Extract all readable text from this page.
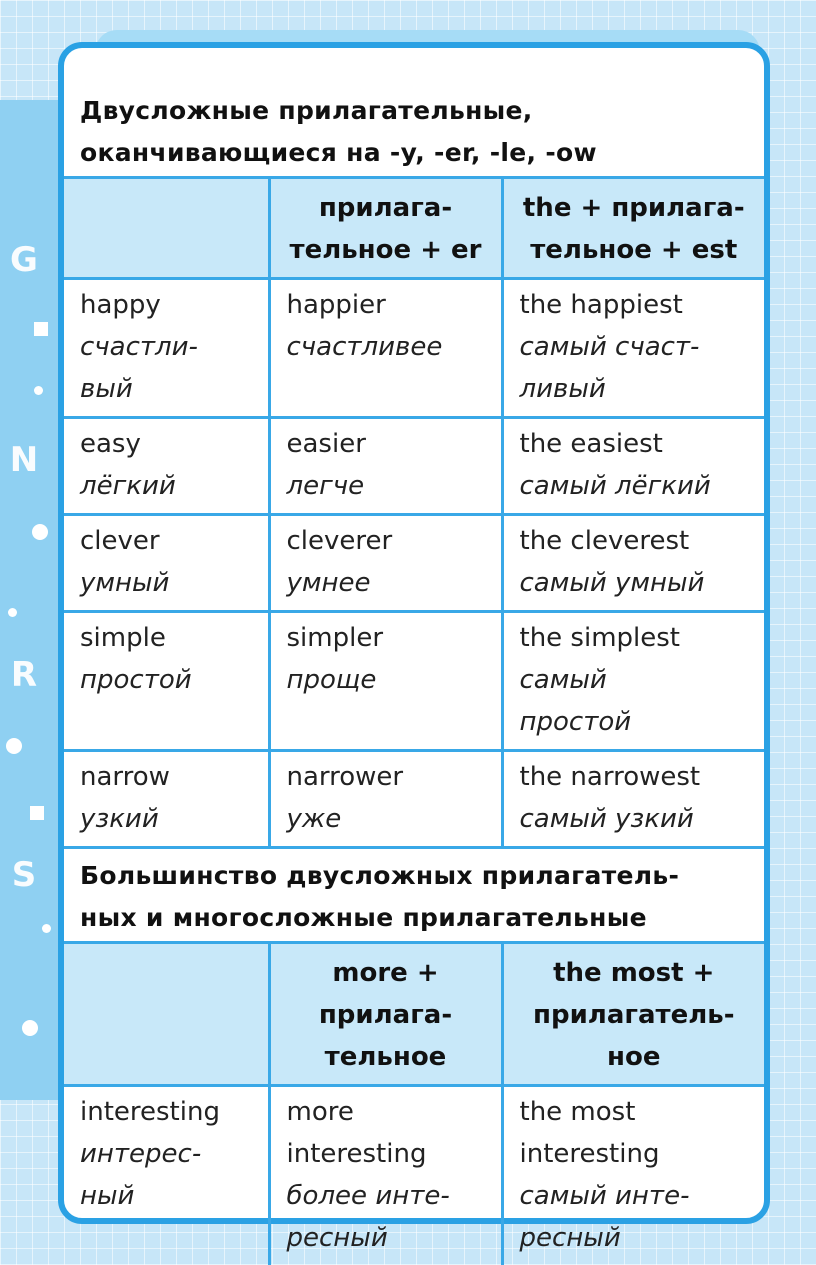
G
N
R
S
Двусложные прилагательные,
оканчивающиеся на -y, -er, -le, -ow		

	прилага-
тельное + er	the + прилага-
тельное + est

happy
счастли-
вый	happier
счастливее	the happiest
самый счаст-
ливый

easy
лёгкий	easier
легче	the easiest
самый лёгкий

clever
умный	cleverer
умнее	the cleverest
самый умный

simple
простой	simpler
проще	the simplest
самый
простой

narrow
узкий	narrower
уже	the narrowest
самый узкий

Большинство двусложных прилагатель-
ных и многосложные прилагательные		

	more +
прилага-
тельное	the most +
прилагатель-
ное

interesting
интерес-
ный	more
interesting
более инте-
ресный	the most
interesting
самый инте-
ресный
